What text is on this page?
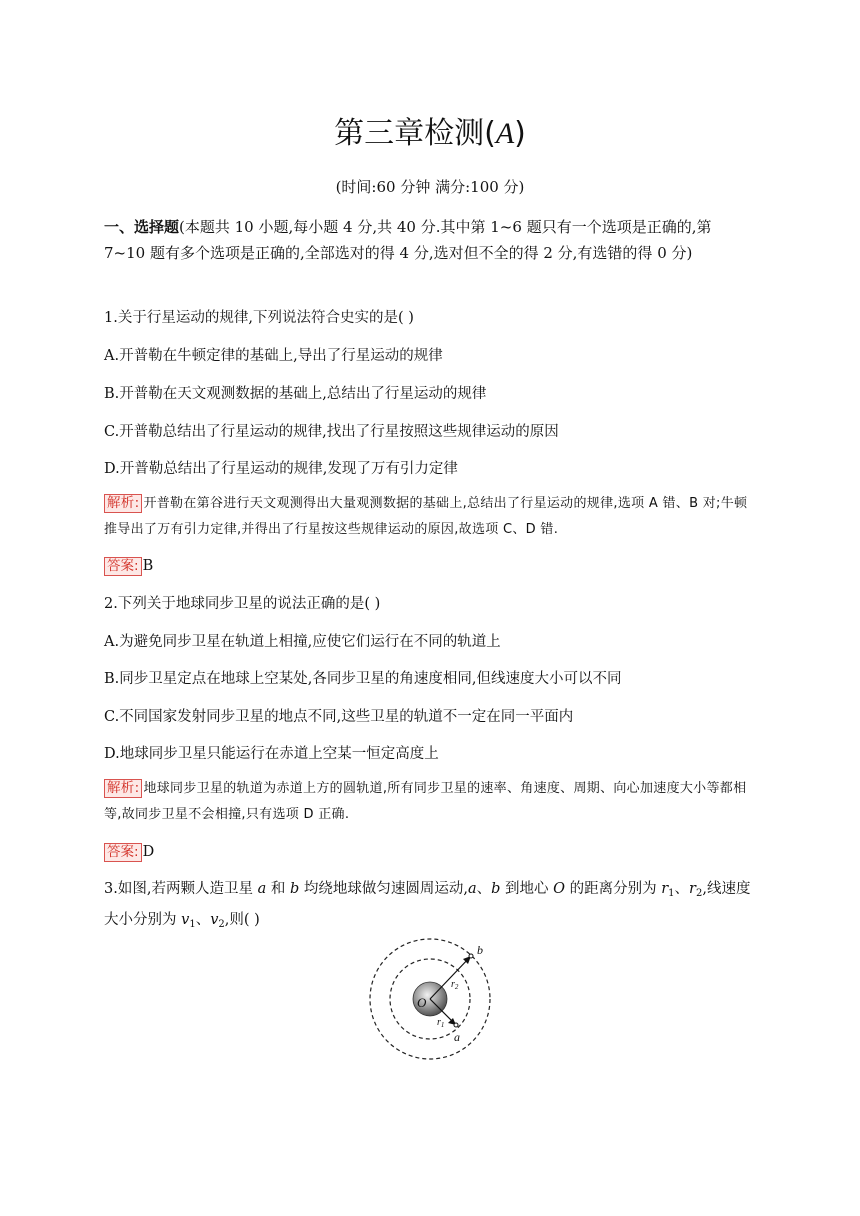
第三章检测(A)
(时间:60 分钟 满分:100 分)
一、选择题(本题共 10 小题,每小题 4 分,共 40 分.其中第 1~6 题只有一个选项是正确的,第 7~10 题有多个选项是正确的,全部选对的得 4 分,选对但不全的得 2 分,有选错的得 0 分)
1.关于行星运动的规律,下列说法符合史实的是( )
A.开普勒在牛顿定律的基础上,导出了行星运动的规律
B.开普勒在天文观测数据的基础上,总结出了行星运动的规律
C.开普勒总结出了行星运动的规律,找出了行星按照这些规律运动的原因
D.开普勒总结出了行星运动的规律,发现了万有引力定律
解析: 开普勒在第谷进行天文观测得出大量观测数据的基础上,总结出了行星运动的规律,选项 A 错、B 对;牛顿推导出了万有引力定律,并得出了行星按这些规律运动的原因,故选项 C、D 错.
答案: B
2.下列关于地球同步卫星的说法正确的是( )
A.为避免同步卫星在轨道上相撞,应使它们运行在不同的轨道上
B.同步卫星定点在地球上空某处,各同步卫星的角速度相同,但线速度大小可以不同
C.不同国家发射同步卫星的地点不同,这些卫星的轨道不一定在同一平面内
D.地球同步卫星只能运行在赤道上空某一恒定高度上
解析: 地球同步卫星的轨道为赤道上方的圆轨道,所有同步卫星的速率、角速度、周期、向心加速度大小等都相等,故同步卫星不会相撞,只有选项 D 正确.
答案: D
3.如图,若两颗人造卫星 a 和 b 均绕地球做匀速圆周运动,a、b 到地心 O 的距离分别为 $r_1$、$r_2$,线速度大小分别为 $v_1$、$v_2$,则( )
O
b
a
$r_2$
$r_1$
